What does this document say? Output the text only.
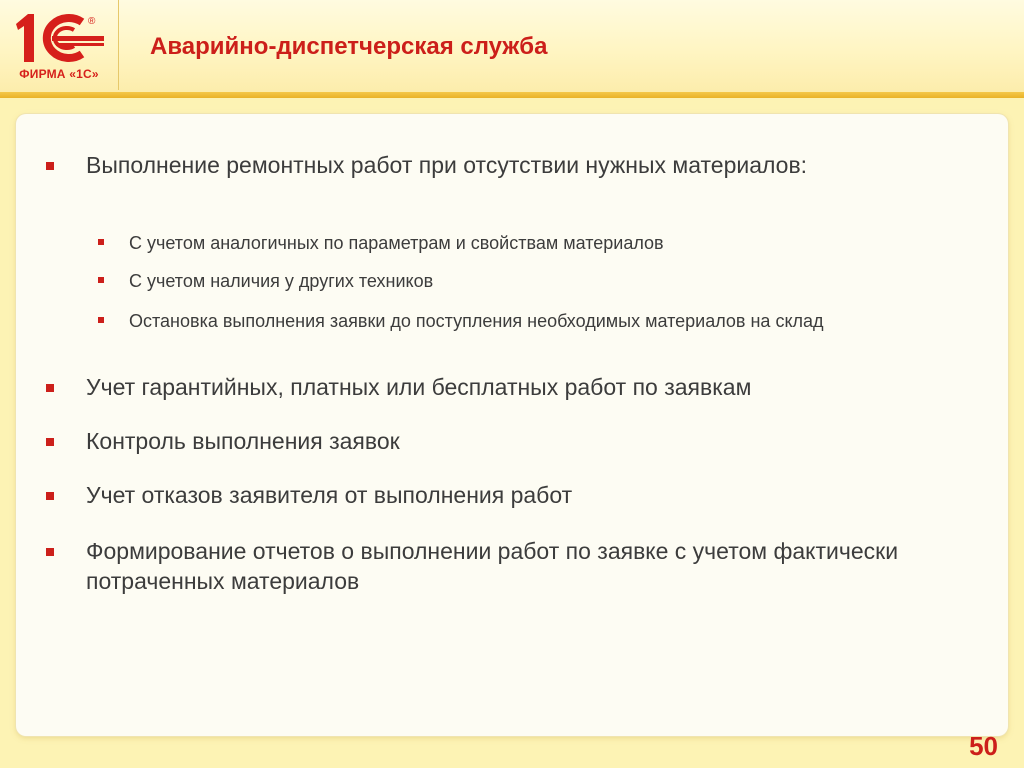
®
ФИРМА «1С»
Аварийно-диспетчерская служба
Выполнение ремонтных работ при отсутствии нужных материалов:
С учетом аналогичных по параметрам и свойствам материалов
С учетом наличия у других техников
Остановка выполнения заявки до поступления необходимых материалов на склад
Учет гарантийных, платных или бесплатных работ по заявкам
Контроль выполнения заявок
Учет отказов заявителя от выполнения работ
Формирование отчетов о выполнении работ по заявке с учетом фактически потраченных материалов
50
